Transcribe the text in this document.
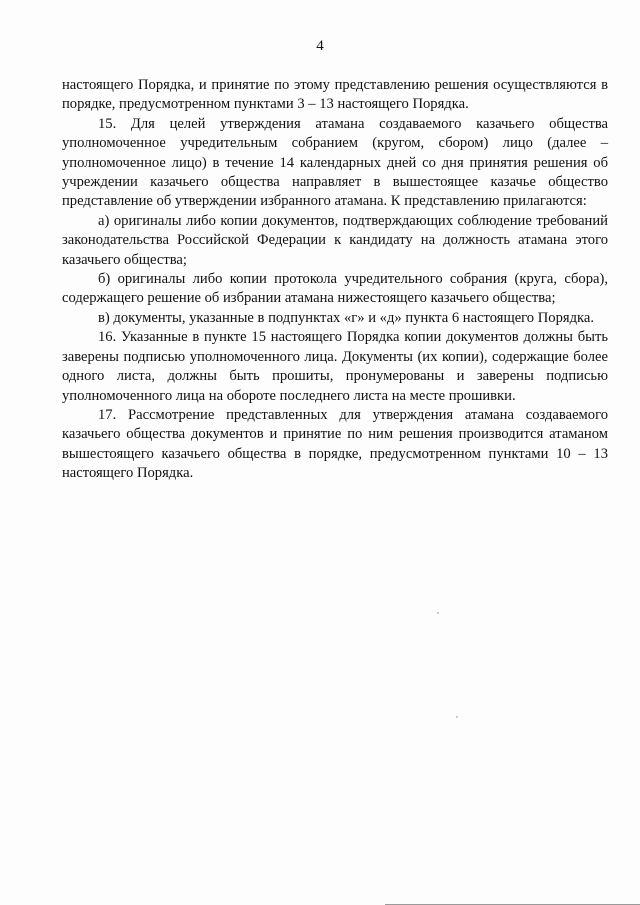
4

настоящего Порядка, и принятие по этому представлению решения осуществляются в порядке, предусмотренном пунктами 3 – 13 настоящего Порядка.

15. Для целей утверждения атамана создаваемого казачьего общества уполномоченное учредительным собранием (кругом, сбором) лицо (далее – уполномоченное лицо) в течение 14 календарных дней со дня принятия решения об учреждении казачьего общества направляет в вышестоящее казачье общество представление об утверждении избранного атамана. К представлению прилагаются:

а) оригиналы либо копии документов, подтверждающих соблюдение требований законодательства Российской Федерации к кандидату на должность атамана этого казачьего общества;

б) оригиналы либо копии протокола учредительного собрания (круга, сбора), содержащего решение об избрании атамана нижестоящего казачьего общества;

в) документы, указанные в подпунктах «г» и «д» пункта 6 настоящего Порядка.

16. Указанные в пункте 15 настоящего Порядка копии документов должны быть заверены подписью уполномоченного лица. Документы (их копии), содержащие более одного листа, должны быть прошиты, пронумерованы и заверены подписью уполномоченного лица на обороте последнего листа на месте прошивки.

17. Рассмотрение представленных для утверждения атамана создаваемого казачьего общества документов и принятие по ним решения производится атаманом вышестоящего казачьего общества в порядке, предусмотренном пунктами 10 – 13 настоящего Порядка.
